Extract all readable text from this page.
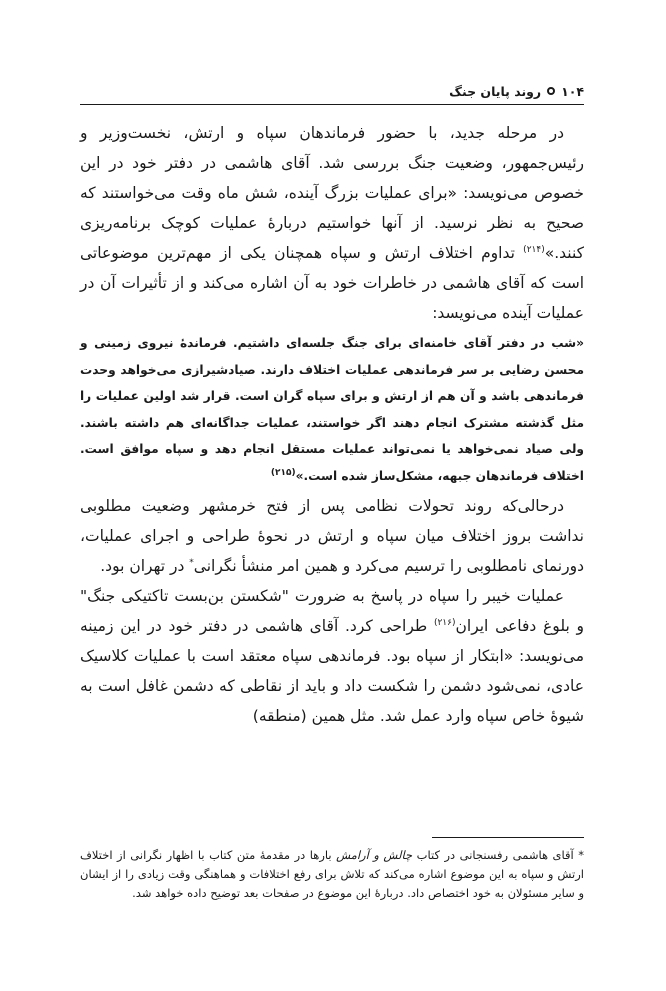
۱۰۴
روند پایان جنگ

در مرحله جدید، با حضور فرماندهان سپاه و ارتش، نخست‌وزیر و رئیس‌جمهور، وضعیت جنگ بررسی شد. آقای هاشمی در دفتر خود در این خصوص می‌نویسد: «برای عملیات بزرگ آینده، شش ماه وقت می‌خواستند که صحیح به نظر نرسید. از آنها خواستیم دربارهٔ عملیات کوچک برنامه‌ریزی کنند.»$^{(۲۱۴)}$ تداوم اختلاف ارتش و سپاه همچنان یکی از مهم‌ترین موضوعاتی است که آقای هاشمی در خاطرات خود به آن اشاره می‌کند و از تأثیرات آن در عملیات آینده می‌نویسد:

«شب در دفتر آقای خامنه‌ای برای جنگ جلسه‌ای داشتیم. فرماندهٔ نیروی زمینی و محسن رضایی بر سر فرماندهی عملیات اختلاف دارند. صیادشیرازی می‌خواهد وحدت فرماندهی باشد و آن هم از ارتش و برای سپاه گران است. قرار شد اولین عملیات را مثل گذشته مشترک انجام دهند اگر خواستند، عملیات جداگانه‌ای هم داشته باشند. ولی صیاد نمی‌خواهد یا نمی‌تواند عملیات مستقل انجام دهد و سپاه موافق است. اختلاف فرماندهان جبهه، مشکل‌ساز شده است.»$^{(۲۱۵)}$

درحالی‌که روند تحولات نظامی پس از فتح خرمشهر وضعیت مطلوبی نداشت بروز اختلاف میان سپاه و ارتش در نحوهٔ طراحی و اجرای عملیات، دورنمای نامطلوبی را ترسیم می‌کرد و همین امر منشأ نگرانی* در تهران بود.

عملیات خیبر را سپاه در پاسخ به ضرورت "شکستن بن‌بست تاکتیکی جنگ" و بلوغ دفاعی ایران$^{(۲۱۶)}$ طراحی کرد. آقای هاشمی در دفتر خود در این زمینه می‌نویسد: «ابتکار از سپاه بود. فرماندهی سپاه معتقد است با عملیات کلاسیک عادی، نمی‌شود دشمن را شکست داد و باید از نقاطی که دشمن غافل است به شیوهٔ خاص سپاه وارد عمل شد. مثل همین (منطقه)

* آقای هاشمی رفسنجانی در کتاب چالش و آرامش بارها در مقدمهٔ متن کتاب با اظهار نگرانی از اختلاف ارتش و سپاه به این موضوع اشاره می‌کند که تلاش برای رفع اختلافات و هماهنگی وقت زیادی را از ایشان و سایر مسئولان به خود اختصاص داد. دربارهٔ این موضوع در صفحات بعد توضیح داده خواهد شد.
